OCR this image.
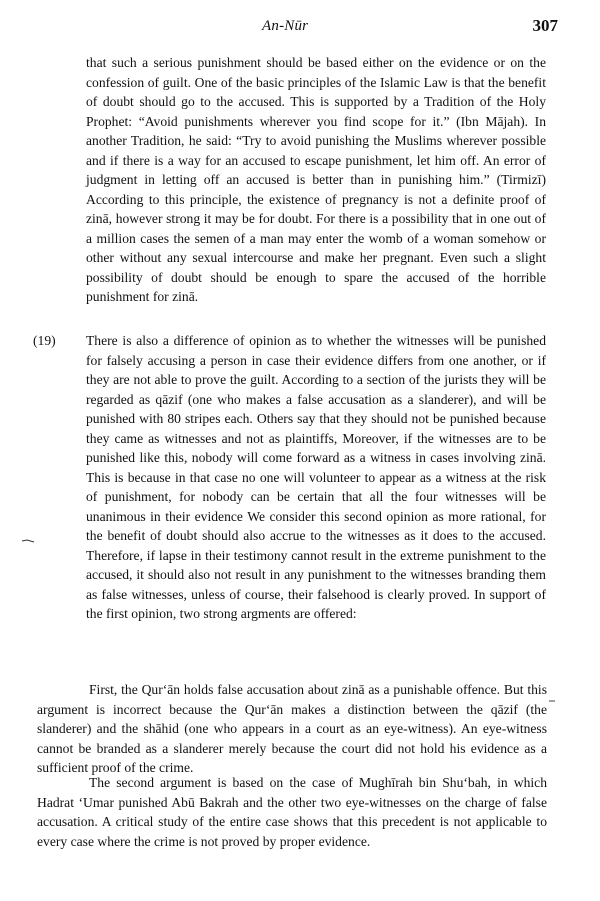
An-Nūr	307

that such a serious punishment should be based either on the evidence or on the confession of guilt. One of the basic principles of the Islamic Law is that the benefit of doubt should go to the accused. This is supported by a Tradition of the Holy Prophet: “Avoid punishments wherever you find scope for it.” (Ibn Mājah). In another Tradition, he said: “Try to avoid punishing the Muslims wherever possible and if there is a way for an accused to escape punishment, let him off. An error of judgment in letting off an accused is better than in punishing him.” (Tirmizī) According to this principle, the existence of pregnancy is not a definite proof of zinā, however strong it may be for doubt. For there is a possibility that in one out of a million cases the semen of a man may enter the womb of a woman somehow or other without any sexual intercourse and make her pregnant. Even such a slight possibility of doubt should be enough to spare the accused of the horrible punishment for zinā.

(19) There is also a difference of opinion as to whether the witnesses will be punished for falsely accusing a person in case their evidence differs from one another, or if they are not able to prove the guilt. According to a section of the jurists they will be regarded as qāzif (one who makes a false accusation as a slanderer), and will be punished with 80 stripes each. Others say that they should not be punished because they came as witnesses and not as plaintiffs, Moreover, if the witnesses are to be punished like this, nobody will come forward as a witness in cases involving zinā. This is because in that case no one will volunteer to appear as a witness at the risk of punishment, for nobody can be certain that all the four witnesses will be unanimous in their evidence We consider this second opinion as more rational, for the benefit of doubt should also accrue to the witnesses as it does to the accused. Therefore, if lapse in their testimony cannot result in the extreme punishment to the accused, it should also not result in any punishment to the witnesses branding them as false witnesses, unless of course, their falsehood is clearly proved. In support of the first opinion, two strong argments are offered:

First, the Qur‘ān holds false accusation about zinā as a punishable offence. But this argument is incorrect because the Qur‘ān makes a distinction between the qāzif (the slanderer) and the shāhid (one who appears in a court as an eye-witness). An eye-witness cannot be branded as a slanderer merely because the court did not hold his evidence as a sufficient proof of the crime.

The second argument is based on the case of Mughīrah bin Shu‘bah, in which Hadrat ‘Umar punished Abū Bakrah and the other two eye-witnesses on the charge of false accusation. A critical study of the entire case shows that this precedent is not applicable to every case where the crime is not proved by proper evidence.
